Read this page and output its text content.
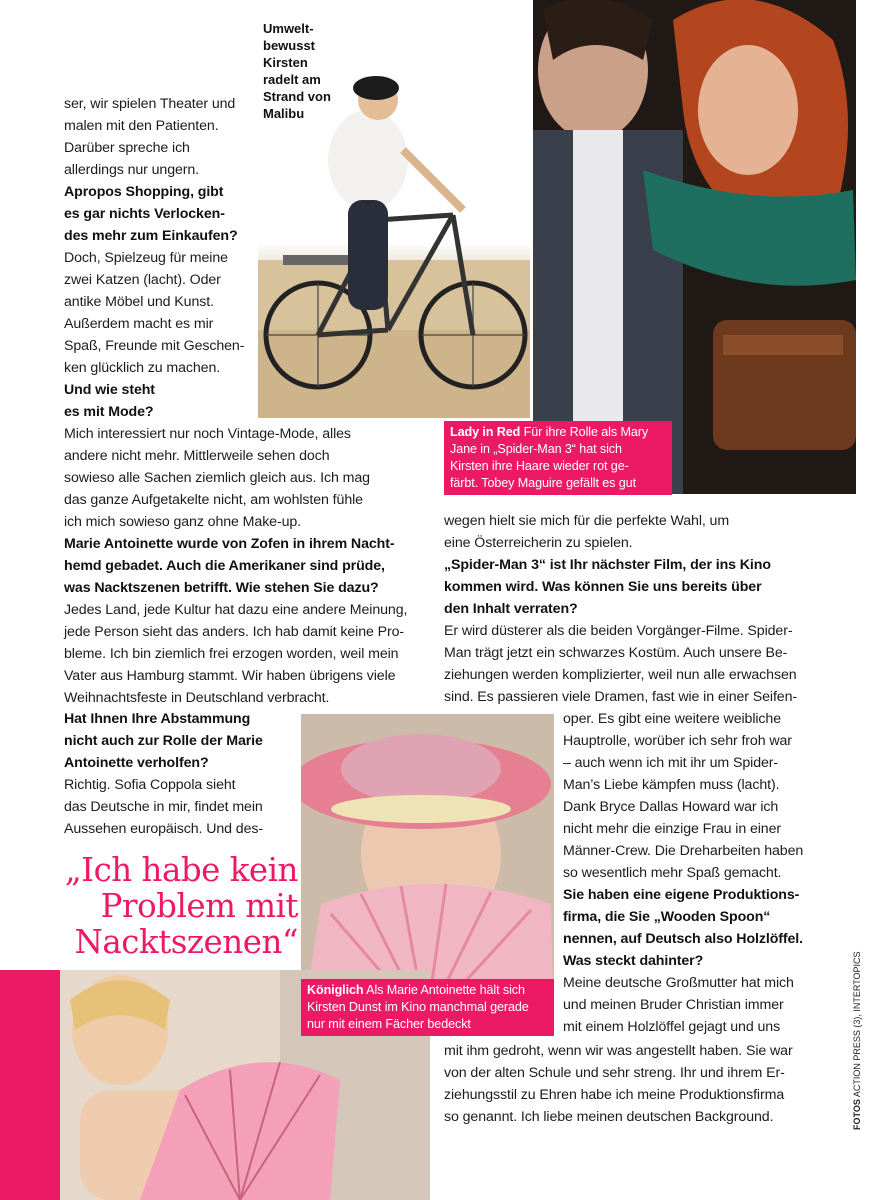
Umwelt-
bewusst
Kirsten
radelt am
Strand von
Malibu

ser, wir spielen Theater und

malen mit den Patienten.

Darüber spreche ich

allerdings nur ungern.

Apropos Shopping, gibt

es gar nichts Verlocken-

des mehr zum Einkaufen?

Doch, Spielzeug für meine

zwei Katzen (lacht). Oder

antike Möbel und Kunst.

Außerdem macht es mir

Spaß, Freunde mit Geschen-

ken glücklich zu machen.

Und wie steht

es mit Mode?

Mich interessiert nur noch Vintage-Mode, alles

andere nicht mehr. Mittlerweile sehen doch

sowieso alle Sachen ziemlich gleich aus. Ich mag

das ganze Aufgetakelte nicht, am wohlsten fühle

ich mich sowieso ganz ohne Make-up.

Marie Antoinette wurde von Zofen in ihrem Nacht-

hemd gebadet. Auch die Amerikaner sind prüde,

was Nacktszenen betrifft. Wie stehen Sie dazu?

Jedes Land, jede Kultur hat dazu eine andere Meinung,

jede Person sieht das anders. Ich hab damit keine Pro-

bleme. Ich bin ziemlich frei erzogen worden, weil mein

Vater aus Hamburg stammt. Wir haben übrigens viele

Weihnachtsfeste in Deutschland verbracht.

Hat Ihnen Ihre Abstammung

nicht auch zur Rolle der Marie

Antoinette verholfen?

Richtig. Sofia Coppola sieht

das Deutsche in mir, findet mein

Aussehen europäisch. Und des-

wegen hielt sie mich für die perfekte Wahl, um

eine Österreicherin zu spielen.

„Spider-Man 3“ ist Ihr nächster Film, der ins Kino

kommen wird. Was können Sie uns bereits über

den Inhalt verraten?

Er wird düsterer als die beiden Vorgänger-Filme. Spider-

Man trägt jetzt ein schwarzes Kostüm. Auch unsere Be-

ziehungen werden komplizierter, weil nun alle erwachsen

sind. Es passieren viele Dramen, fast wie in einer Seifen-

oper. Es gibt eine weitere weibliche

Hauptrolle, worüber ich sehr froh war

– auch wenn ich mit ihr um Spider-

Man’s Liebe kämpfen muss (lacht).

Dank Bryce Dallas Howard war ich

nicht mehr die einzige Frau in einer

Männer-Crew. Die Dreharbeiten haben

so wesentlich mehr Spaß gemacht.

Sie haben eine eigene Produktions-

firma, die Sie „Wooden Spoon“

nennen, auf Deutsch also Holzlöffel.

Was steckt dahinter?

Meine deutsche Großmutter hat mich

und meinen Bruder Christian immer

mit einem Holzlöffel gejagt und uns

mit ihm gedroht, wenn wir was angestellt haben. Sie war

von der alten Schule und sehr streng. Ihr und ihrem Er-

ziehungsstil zu Ehren habe ich meine Produktionsfirma

so genannt. Ich liebe meinen deutschen Background.

Lady in Red Für ihre Rolle als Mary
Jane in „Spider-Man 3“ hat sich
Kirsten ihre Haare wieder rot ge-
färbt. Tobey Maguire gefällt es gut
Königlich Als Marie Antoinette hält sich
Kirsten Dunst im Kino manchmal gerade
nur mit einem Fächer bedeckt
„Ich habe kein
Problem mit
Nacktszenen“
FOTOS ACTION PRESS (3), INTERTOPICS
